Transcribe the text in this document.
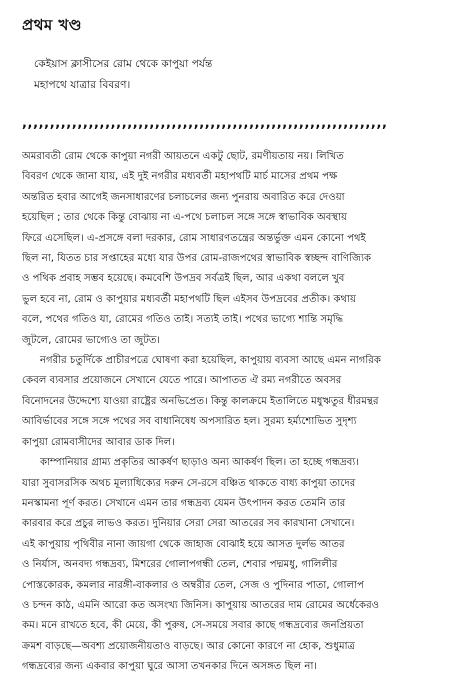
প্রথম খণ্ড
কেইয়াস ক্লাসীসের রোম থেকে কাপুয়া পর্যন্ত
মহাপথে যাত্রার বিবরণ।
,,,,,,,,,,,,,,,,,,,,,,,,,,,,,,,,,,,,,,,,,,,,,,,,,,,,,,,,,,,,,,,,,,
অমরাবতী রোম থেকে কাপুয়া নগরী আয়তনে একটু ছোট, রমণীয়তায় নয়। লিখিত
বিবরণ থেকে জানা যায়, এই দুই নগরীর মধ্যবর্তী মহাপথটি মার্চ মাসের প্রথম পক্ষ
অন্তরিত হবার আগেই জনসাধারণের চলাচলের জন্য পুনরায় অবারিত করে দেওয়া
হয়েছিল ; তার থেকে কিন্তু বোঝায় না এ-পথে চলাচল সঙ্গে সঙ্গে স্বাভাবিক অবস্থায়
ফিরে এসেছিল। এ-প্রসঙ্গে বলা দরকার, রোম সাধারণতন্ত্রের অন্তর্ভুক্ত এমন কোনো পথই
ছিল না, যিতত চার সপ্তাহের মধ্যে যার উপর রোম-রাজপথের স্বাভাবিক স্বচ্ছন্দ বাণিজ্যিক
ও পথিক প্রবাহ সম্ভব হয়েছে। কমবেশি উপদ্রব সর্বত্রই ছিল, আর একথা বললে খুব
ভুল হবে না, রোম ও কাপুয়ার মধ্যবর্তী মহাপথটি ছিল এইসব উপদ্রবের প্রতীক। কথায়
বলে, পথের গতিও যা, রোমের গতিও তাই। সত্যই তাই। পথের ভাগ্যে শান্তি সমৃদ্ধি
জুটলে, রোমের ভাগ্যেও তা জুটত।
নগরীর চতুর্দিকে প্রাচীরপত্রে ঘোষণা করা হয়েছিল, কাপুয়ায় ব্যবসা আছে এমন নাগরিক
কেবল ব্যবসার প্রয়োজনে সেখানে যেতে পারে। আপাতত ঐ রম্য নগরীতে অবসর
বিনোদনের উদ্দেশ্যে যাওয়া রাষ্ট্রের অনভিপ্রেত। কিন্তু কালক্রমে ইতালিতে মধুঋতুর ধীরমন্থর
আবির্ভাবের সঙ্গে সঙ্গে পথের সব বাধানিষেধ অপসারিত হল। সুরম্য হর্ম্যশোভিত সুদৃশ্য
কাপুয়া রোমবাসীদের আবার ডাক দিল।
কাম্পানিয়ার গ্রাম্য প্রকৃতির আকর্ষণ ছাড়াও অন্য আকর্ষণ ছিল। তা হচ্ছে গন্ধদ্রব্য।
যারা সুবাসরসিক অথচ মূল্যাধিক্যের দরুন সে-রসে বঞ্চিত থাকতে বাধ্য কাপুয়া তাদের
মনস্কামনা পূর্ণ করত। সেখানে এমন তার গন্ধদ্রব্য যেমন উৎপাদন করত তেমনি তার
কারবার করে প্রচুর লাভও করত। দুনিয়ার সেরা সেরা আতরের সব কারখানা সেখানে।
এই কাপুয়ায় পৃথিবীর নানা জায়গা থেকে জাহাজ বোঝাই হয়ে আসত দুর্লভ আতর
ও নির্যাস, অনবদ্য গন্ধদ্রব্য, মিশরের গোলাপগন্ধী তেল, শেবার পদ্মমধু, গালিলীর
পোস্তকোরক, কমলার নারঙ্গী-বাকলার ও অম্বরীর তেল, সেজ ও পুদিনার পাতা, গোলাপ
ও চন্দন কাঠ, এমনি আরো কত অসংখ্য জিনিস। কাপুয়ায় আতরের দাম রোমের অর্ধেকেরও
কম। মনে রাখতে হবে, কী মেয়ে, কী পুরুষ, সে-সময়ে সবার কাছে গন্ধদ্রব্যের জনপ্রিয়তা
ক্রমশ বাড়ছে—অবশ্য প্রয়োজনীয়তাও বাড়ছে। আর কোনো কারণে না হোক, শুধুমাত্র
গন্ধদ্রব্যের জন্য একবার কাপুয়া ঘুরে আসা তখনকার দিনে অসঙ্গত ছিল না।
